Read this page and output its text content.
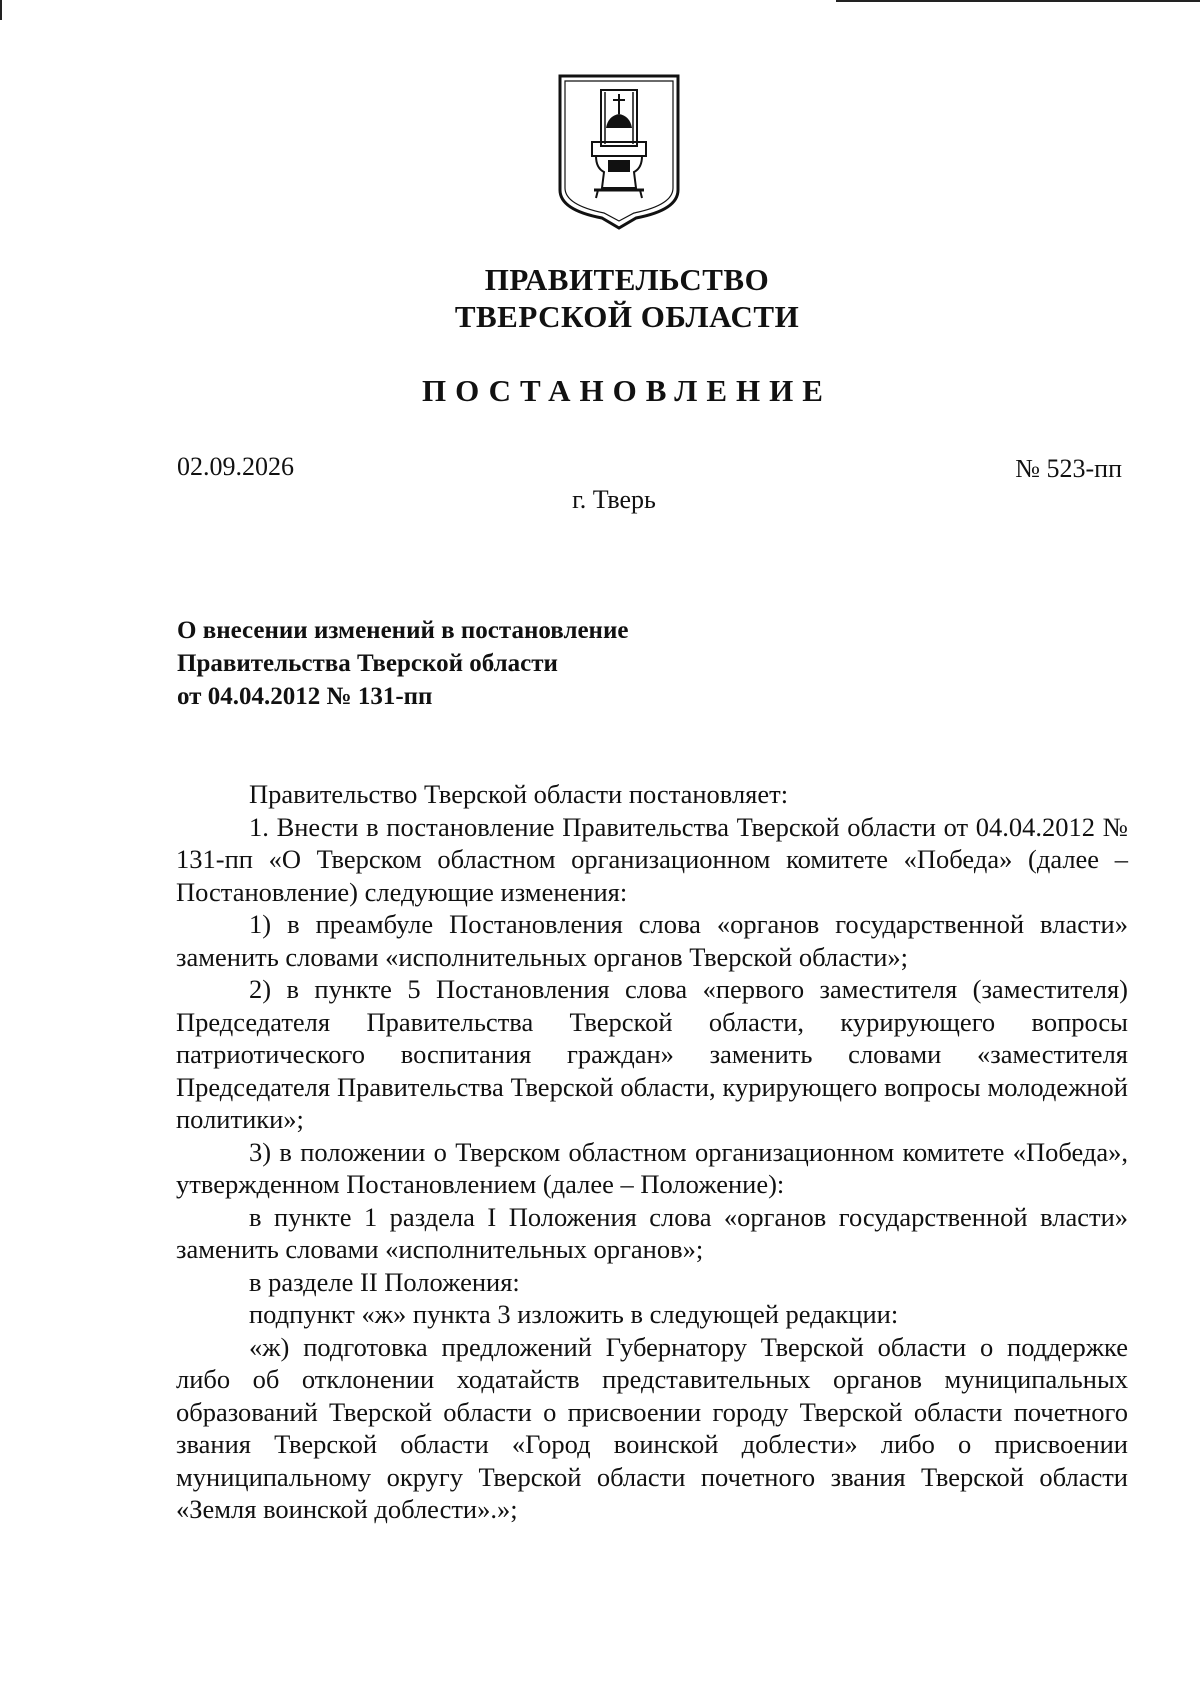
ПРАВИТЕЛЬСТВО
ТВЕРСКОЙ ОБЛАСТИ
ПОСТАНОВЛЕНИЕ
02.09.2026	№ 523-пп
г. Тверь
О внесении изменений в постановление
Правительства Тверской области
от 04.04.2012 № 131-пп

Правительство Тверской области постановляет:

1. Внести в постановление Правительства Тверской области от 04.04.2012 № 131-пп «О Тверском областном организационном комитете «Победа» (далее – Постановление) следующие изменения:

1) в преамбуле Постановления слова «органов государственной власти» заменить словами «исполнительных органов Тверской области»;

2) в пункте 5 Постановления слова «первого заместителя (заместителя) Председателя Правительства Тверской области, курирующего вопросы патриотического воспитания граждан» заменить словами «заместителя Председателя Правительства Тверской области, курирующего вопросы молодежной политики»;

3) в положении о Тверском областном организационном комитете «Победа», утвержденном Постановлением (далее – Положение):

в пункте 1 раздела I Положения слова «органов государственной власти» заменить словами «исполнительных органов»;

в разделе II Положения:

подпункт «ж» пункта 3 изложить в следующей редакции:

«ж) подготовка предложений Губернатору Тверской области о поддержке либо об отклонении ходатайств представительных органов муниципальных образований Тверской области о присвоении городу Тверской области почетного звания Тверской области «Город воинской доблести» либо о присвоении муниципальному округу Тверской области почетного звания Тверской области «Земля воинской доблести».»;
